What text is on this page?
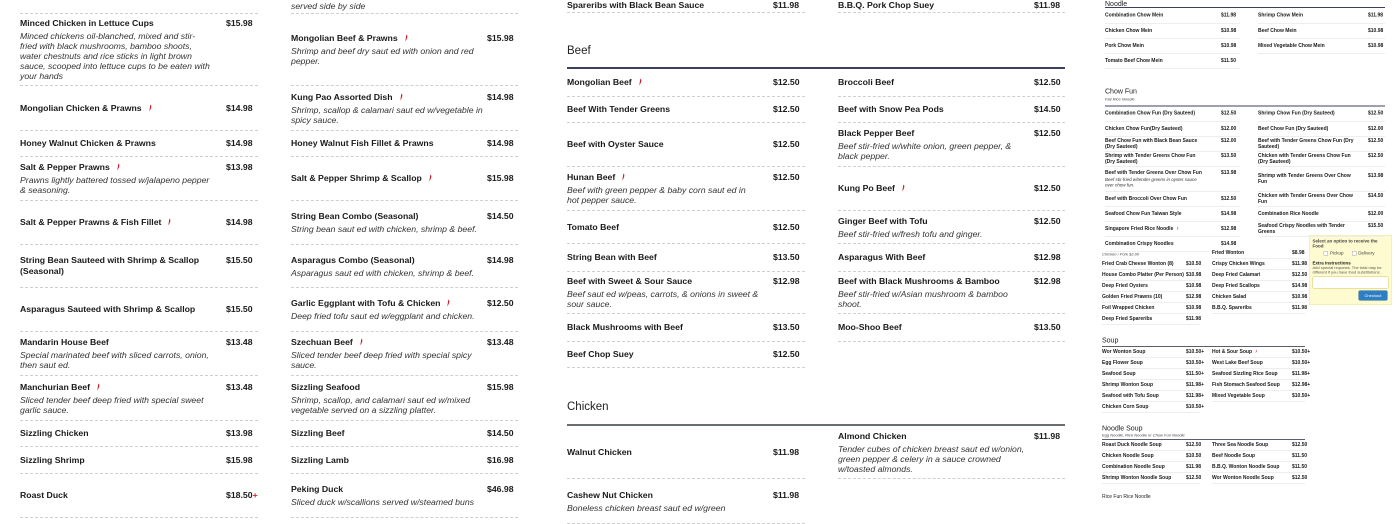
served side by side	Spareribs with Black Bean Sauce	$11.98	B.B.Q. Pork Chop Suey	$11.98
Beef
Chicken
Minced Chicken in Lettuce Cups	$15.98
Minced chickens oil-blanched, mixed and stir-fried with black mushrooms, bamboo shoots, water chestnuts and rice sticks in light brown sauce, scooped into lettuce cups to be eaten with your hands
Mongolian Chicken & Prawns	$14.98
Honey Walnut Chicken & Prawns	$14.98
Salt & Pepper Prawns	$13.98
Prawns lightly battered tossed w/jalapeno pepper & seasoning.
Salt & Pepper Prawns & Fish Fillet	$14.98
String Bean Sauteed with Shrimp & Scallop (Seasonal)
$15.50
Asparagus Sauteed with Shrimp & Scallop	$15.50
Mandarin House Beef	$13.48
Special marinated beef with sliced carrots, onion, then saut ed.
Manchurian Beef	$13.48
Sliced tender beef deep fried with special sweet garlic sauce.
Sizzling Chicken	$13.98
Sizzling Shrimp	$15.98
Roast Duck	$18.50+
Mongolian Beef & Prawns	$15.98
Shrimp and beef dry saut ed with onion and red pepper.
Kung Pao Assorted Dish	$14.98
Shrimp, scallop & calamari saut ed w/vegetable in spicy sauce.
Honey Walnut Fish Fillet & Prawns	$14.98
Salt & Pepper Shrimp & Scallop	$15.98
String Bean Combo (Seasonal)	$14.50
String bean saut ed with chicken, shrimp & beef.
Asparagus Combo (Seasonal)	$14.98
Asparagus saut ed with chicken, shrimp & beef.
Garlic Eggplant with Tofu & Chicken	$12.50
Deep fried tofu saut ed w/eggplant and chicken.
Szechuan Beef	$13.48
Sliced tender beef deep fried with special spicy sauce.
Sizzling Seafood	$15.98
Shrimp, scallop, and calamari saut ed w/mixed vegetable served on a sizzling platter.
Sizzling Beef	$14.50
Sizzling Lamb	$16.98
Peking Duck	$46.98
Sliced duck w/scallions served w/steamed buns
Mongolian Beef	$12.50
Beef With Tender Greens	$12.50
Beef with Oyster Sauce	$12.50
Hunan Beef	$12.50
Beef with green pepper & baby corn saut ed in hot pepper sauce.
Tomato Beef	$12.50
String Bean with Beef	$13.50
Beef with Sweet & Sour Sauce	$12.98
Beef saut ed w/peas, carrots, & onions in sweet & sour sauce.
Black Mushrooms with Beef	$13.50
Beef Chop Suey	$12.50
Broccoli Beef	$12.50
Beef with Snow Pea Pods	$14.50
Black Pepper Beef	$12.50
Beef stir-fried w/white onion, green pepper, & black pepper.
Kung Po Beef	$12.50
Ginger Beef with Tofu	$12.50
Beef stir-fried w/fresh tofu and ginger.
Asparagus With Beef	$12.98
Beef with Black Mushrooms & Bamboo	$12.98
Beef stir-fried w/Asian mushroom & bamboo shoot.
Moo-Shoo Beef	$13.50
Walnut Chicken	$11.98
Cashew Nut Chicken	$11.98
Boneless chicken breast saut ed w/green
Almond Chicken	$11.98
Tender cubes of chicken breast saut ed w/onion, green pepper & celery in a sauce crowned w/toasted almonds.
Noodle
Chow Fun
Flat Rice Noodle
Chicken / Pork $2.00
Soup
Noodle Soup
Egg Noodle, Rice Noodle or Chow Fun Noodle
Rice Fun Rice Noodle
Select an option to receive the Food
Pickup
Delivery
Extra Instructions
Add special requests. The total may be different if you have food substitutions.
Checkout
Combination Chow Mein	$11.98
Chicken Chow Mein	$10.98
Pork Chow Mein	$10.98
Tomato Beef Chow Mein	$11.50
Shrimp Chow Mein	$11.98
Beef Chow Mein	$10.98
Mixed Vegetable Chow Mein	$10.98
Combination Chow Fun (Dry Sauteed)	$12.50
Chicken Chow Fun(Dry Sauteed)	$12.00
Beef Chow Fun with Black Bean Sauce (Dry Sauteed)
$12.00
Shrimp with Tender Greens Chow Fun (Dry Sauteed)
$13.50
Beef with Tender Greens Over Chow Fun $13.98
Beef stir-fried w/tender greens in oyster sauce over chow fun.
Beef with Broccoli Over Chow Fun	$12.50
Seafood Chow Fun Taiwan Style	$14.98
Singapore Fried Rice Noodle	$12.98
Combination Crispy Noodles	$14.98
Shrimp Chow Fun (Dry Sauteed)	$12.50
Beef Chow Fun (Dry Sauteed)	$12.00
Beef with Tender Greens Chow Fun (Dry Sauteed)
$12.50
Chicken with Tender Greens Chow Fun (Dry Sauteed)
$12.50
Shrimp with Tender Greens Over Chow Fun
$13.98
Chicken with Tender Greens Over Chow Fun
$14.50
Combination Rice Noodle	$12.00
Seafood Crispy Noodles with Tender Greens
$15.50
Fried Crab Cheese Wonton (8) $10.50
House Combo Platter (Per Person) $10.98
Deep Fried Oysters	$10.98
Golden Fried Prawns (10) $12.98
Foil Wrapped Chicken	$10.98
Deep Fried Spareribs	$11.98
Fried Wonton	$8.98
Crispy Chicken Wings	$11.98
Deep Fried Calamari	$12.50
Deep Fried Scallops	$14.98
Chicken Salad	$10.98
B.B.Q. Spareribs	$11.98
Wor Wonton Soup	$10.50+
Egg Flower Soup	$10.50+
Seafood Soup	$11.50+
Shrimp Wonton Soup	$11.98+
Seafood with Tofu Soup	$11.98+
Chicken Corn Soup	$10.50+
Hot & Sour Soup	$10.50+
West Lake Beef Soup	$10.50+
Seafood Sizzling Rice Soup $11.98+
Fish Stomach Seafood Soup $12.98+
Mixed Vegetable Soup	$10.50+
Roast Duck Noodle Soup $12.50
Chicken Noodle Soup	$10.50
Combination Noodle Soup $11.98
Shrimp Wonton Noodle Soup $12.50
Three Sea Noodle Soup $12.50
Beef Noodle Soup	$11.50
B.B.Q. Wonton Noodle Soup $11.50
Wor Wonton Noodle Soup $12.50
